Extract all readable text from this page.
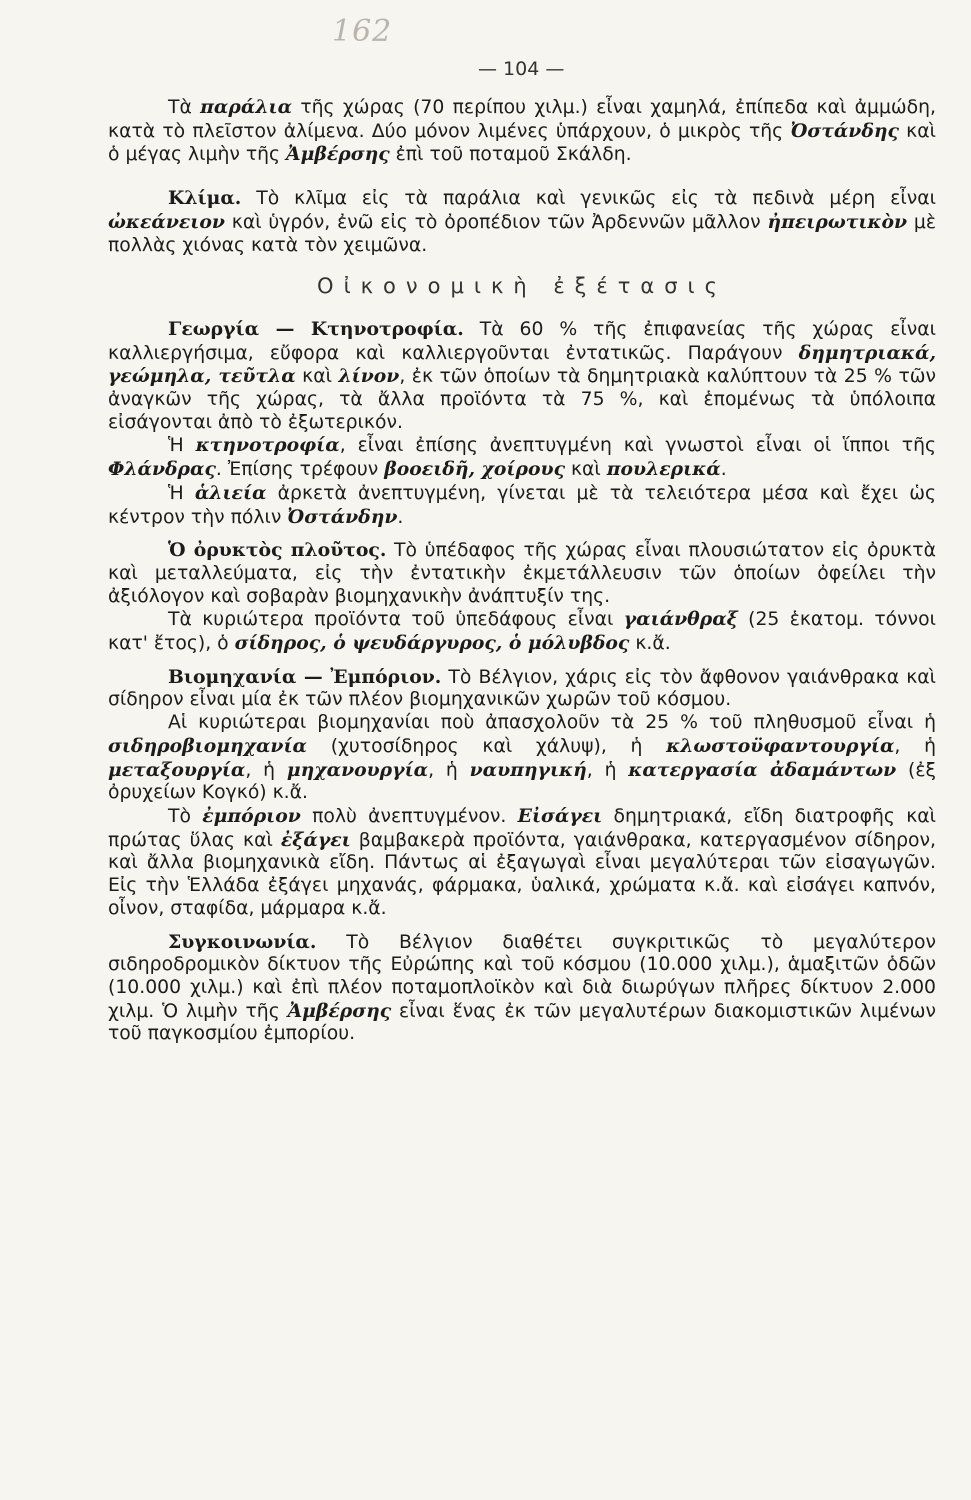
162
— 104 —

Τὰ παράλια τῆς χώρας (70 περίπου χιλμ.) εἶναι χαμηλά, ἐπίπεδα καὶ ἀμμώδη, κατὰ τὸ πλεῖστον ἀλίμενα. Δύο μόνον λιμένες ὑπάρχουν, ὁ μικρὸς τῆς Ὀστάνδης καὶ ὁ μέγας λιμὴν τῆς Ἀμβέρσης ἐπὶ τοῦ ποταμοῦ Σκάλδη.

Κλίμα. Τὸ κλῖμα εἰς τὰ παράλια καὶ γενικῶς εἰς τὰ πεδινὰ μέρη εἶναι ὠκεάνειον καὶ ὑγρόν, ἐνῶ εἰς τὸ ὀροπέδιον τῶν Ἀρδεννῶν μᾶλλον ἠπειρωτικὸν μὲ πολλὰς χιόνας κατὰ τὸν χειμῶνα.

Οἰκονομικὴ ἐξέτασις

Γεωργία — Κτηνοτροφία. Τὰ 60 % τῆς ἐπιφανείας τῆς χώρας εἶναι καλλιεργήσιμα, εὔφορα καὶ καλλιεργοῦνται ἐντατικῶς. Παράγουν δημητριακά, γεώμηλα, τεῦτλα καὶ λίνον, ἐκ τῶν ὁποίων τὰ δημητριακὰ καλύπτουν τὰ 25 % τῶν ἀναγκῶν τῆς χώρας, τὰ ἄλλα προϊόντα τὰ 75 %, καὶ ἑπομένως τὰ ὑπόλοιπα εἰσάγονται ἀπὸ τὸ ἐξωτερικόν.

Ἡ κτηνοτροφία, εἶναι ἐπίσης ἀνεπτυγμένη καὶ γνωστοὶ εἶναι οἱ ἵπποι τῆς Φλάνδρας. Ἐπίσης τρέφουν βοοειδῆ, χοίρους καὶ πουλερικά.

Ἡ ἁλιεία ἀρκετὰ ἀνεπτυγμένη, γίνεται μὲ τὰ τελειότερα μέσα καὶ ἔχει ὡς κέντρον τὴν πόλιν Ὀστάνδην.

Ὁ ὀρυκτὸς πλοῦτος. Τὸ ὑπέδαφος τῆς χώρας εἶναι πλουσιώτατον εἰς ὀρυκτὰ καὶ μεταλλεύματα, εἰς τὴν ἐντατικὴν ἐκμετάλλευσιν τῶν ὁποίων ὀφείλει τὴν ἀξιόλογον καὶ σοβαρὰν βιομηχανικὴν ἀνάπτυξίν της.

Τὰ κυριώτερα προϊόντα τοῦ ὑπεδάφους εἶναι γαιάνθραξ (25 ἑκατομ. τόννοι κατ' ἔτος), ὁ σίδηρος, ὁ ψευδάργυρος, ὁ μόλυβδος κ.ἄ.

Βιομηχανία — Ἐμπόριον. Τὸ Βέλγιον, χάρις εἰς τὸν ἄφθονον γαιάνθρακα καὶ σίδηρον εἶναι μία ἐκ τῶν πλέον βιομηχανικῶν χωρῶν τοῦ κόσμου.

Αἱ κυριώτεραι βιομηχανίαι ποὺ ἀπασχολοῦν τὰ 25 % τοῦ πληθυσμοῦ εἶναι ἡ σιδηροβιομηχανία (χυτοσίδηρος καὶ χάλυψ), ἡ κλωστοϋφαντουργία, ἡ μεταξουργία, ἡ μηχανουργία, ἡ ναυπηγική, ἡ κατεργασία ἀδαμάντων (ἐξ ὀρυχείων Κογκό) κ.ἄ.

Τὸ ἐμπόριον πολὺ ἀνεπτυγμένον. Εἰσάγει δημητριακά, εἴδη διατροφῆς καὶ πρώτας ὕλας καὶ ἐξάγει βαμβακερὰ προϊόντα, γαιάνθρακα, κατεργασμένον σίδηρον, καὶ ἄλλα βιομηχανικὰ εἴδη. Πάντως αἱ ἐξαγωγαὶ εἶναι μεγαλύτεραι τῶν εἰσαγωγῶν. Εἰς τὴν Ἑλλάδα ἐξάγει μηχανάς, φάρμακα, ὑαλικά, χρώματα κ.ἄ. καὶ εἰσάγει καπνόν, οἶνον, σταφίδα, μάρμαρα κ.ἄ.

Συγκοινωνία. Τὸ Βέλγιον διαθέτει συγκριτικῶς τὸ μεγαλύτερον σιδηροδρομικὸν δίκτυον τῆς Εὐρώπης καὶ τοῦ κόσμου (10.000 χιλμ.), ἁμαξιτῶν ὁδῶν (10.000 χιλμ.) καὶ ἐπὶ πλέον ποταμοπλοϊκὸν καὶ διὰ διωρύγων πλῆρες δίκτυον 2.000 χιλμ. Ὁ λιμὴν τῆς Ἀμβέρσης εἶναι ἕνας ἐκ τῶν μεγαλυτέρων διακομιστικῶν λιμένων τοῦ παγκοσμίου ἐμπορίου.
